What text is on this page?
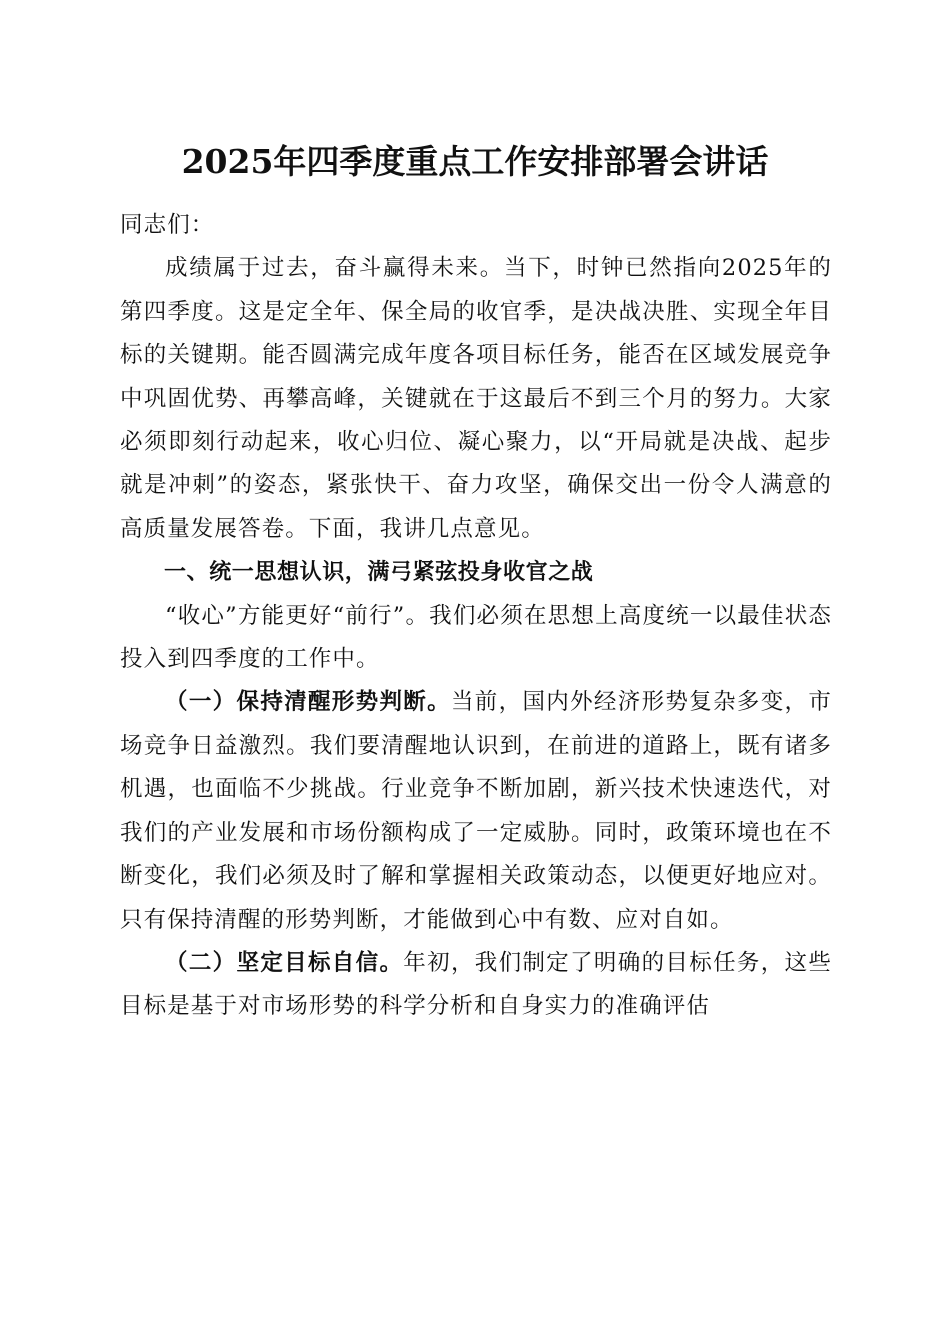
2025年四季度重点工作安排部署会讲话

同志们：

成绩属于过去，奋斗赢得未来。当下，时钟已然指向2025年的第四季度。这是定全年、保全局的收官季，是决战决胜、实现全年目标的关键期。能否圆满完成年度各项目标任务，能否在区域发展竞争中巩固优势、再攀高峰，关键就在于这最后不到三个月的努力。大家必须即刻行动起来，收心归位、凝心聚力，以“开局就是决战、起步就是冲刺”的姿态，紧张快干、奋力攻坚，确保交出一份令人满意的高质量发展答卷。下面，我讲几点意见。

一、统一思想认识，满弓紧弦投身收官之战

“收心”方能更好“前行”。我们必须在思想上高度统一以最佳状态投入到四季度的工作中。

（一）保持清醒形势判断。当前，国内外经济形势复杂多变，市场竞争日益激烈。我们要清醒地认识到，在前进的道路上，既有诸多机遇，也面临不少挑战。行业竞争不断加剧，新兴技术快速迭代，对我们的产业发展和市场份额构成了一定威胁。同时，政策环境也在不断变化，我们必须及时了解和掌握相关政策动态，以便更好地应对。只有保持清醒的形势判断，才能做到心中有数、应对自如。

（二）坚定目标自信。年初，我们制定了明确的目标任务，这些目标是基于对市场形势的科学分析和自身实力的准确评估
